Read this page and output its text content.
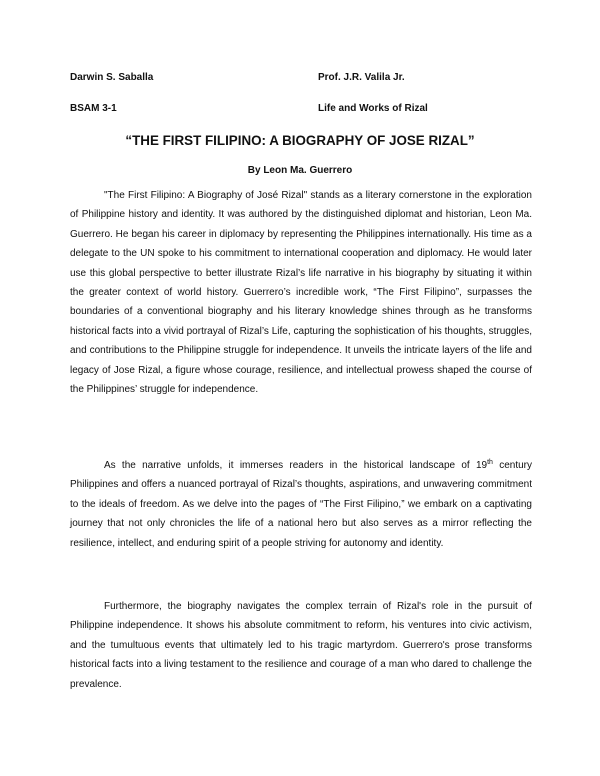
Darwin S. Saballa	Prof. J.R. Valila Jr.
BSAM 3-1	Life and Works of Rizal
“THE FIRST FILIPINO: A BIOGRAPHY OF JOSE RIZAL”
By Leon Ma. Guerrero

"The First Filipino: A Biography of José Rizal" stands as a literary cornerstone in the exploration of Philippine history and identity. It was authored by the distinguished diplomat and historian, Leon Ma. Guerrero. He began his career in diplomacy by representing the Philippines internationally. His time as a delegate to the UN spoke to his commitment to international cooperation and diplomacy. He would later use this global perspective to better illustrate Rizal’s life narrative in his biography by situating it within the greater context of world history. Guerrero’s incredible work, “The First Filipino”, surpasses the boundaries of a conventional biography and his literary knowledge shines through as he transforms historical facts into a vivid portrayal of Rizal’s Life, capturing the sophistication of his thoughts, struggles, and contributions to the Philippine struggle for independence. It unveils the intricate layers of the life and legacy of Jose Rizal, a figure whose courage, resilience, and intellectual prowess shaped the course of the Philippines’ struggle for independence.

As the narrative unfolds, it immerses readers in the historical landscape of 19th century Philippines and offers a nuanced portrayal of Rizal’s thoughts, aspirations, and unwavering commitment to the ideals of freedom. As we delve into the pages of “The First Filipino,” we embark on a captivating journey that not only chronicles the life of a national hero but also serves as a mirror reflecting the resilience, intellect, and enduring spirit of a people striving for autonomy and identity.

Furthermore, the biography navigates the complex terrain of Rizal's role in the pursuit of Philippine independence. It shows his absolute commitment to reform, his ventures into civic activism, and the tumultuous events that ultimately led to his tragic martyrdom. Guerrero's prose transforms historical facts into a living testament to the resilience and courage of a man who dared to challenge the prevalence.
